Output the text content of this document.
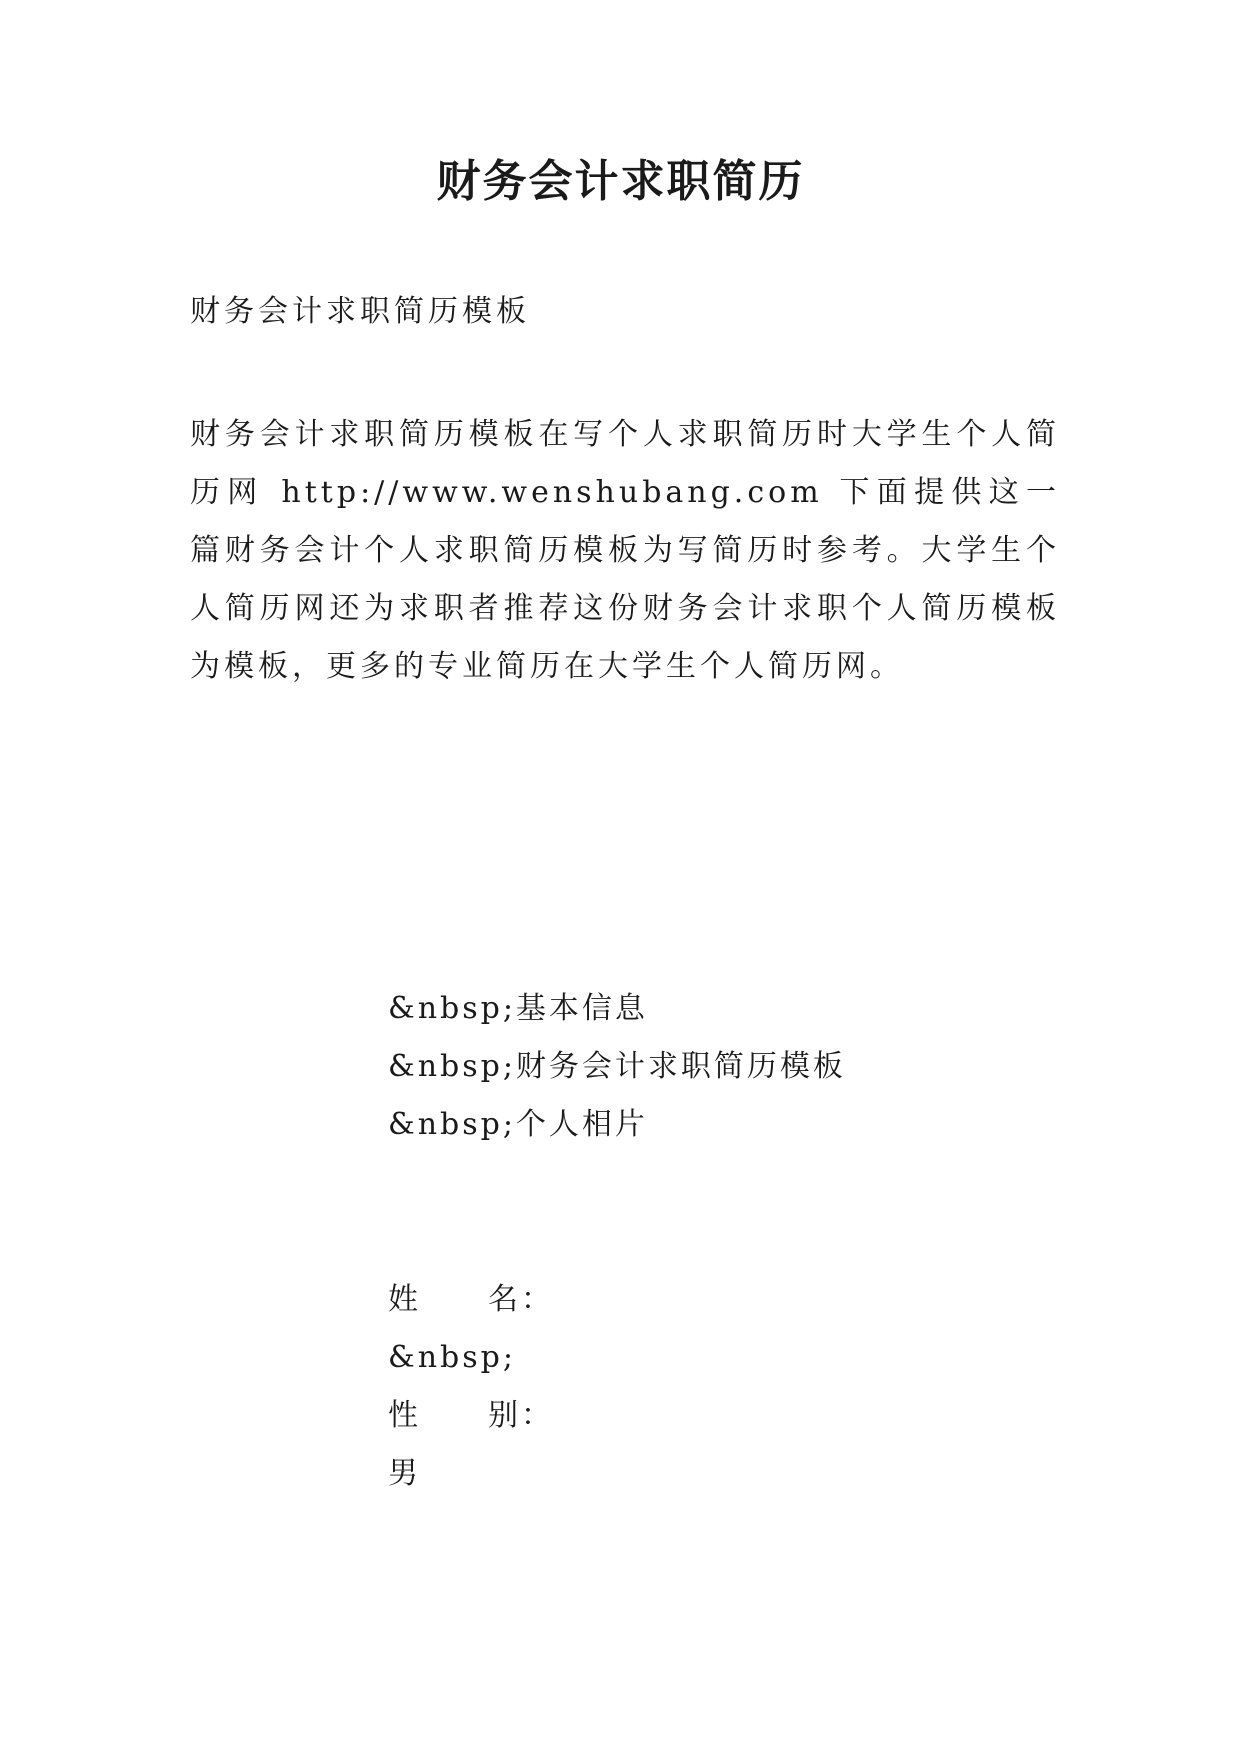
财务会计求职简历

财务会计求职简历模板

财务会计求职简历模板在写个人求职简历时大学生个人简历网 http://www.wenshubang.com 下面提供这一篇财务会计个人求职简历模板为写简历时参考。大学生个人简历网还为求职者推荐这份财务会计求职个人简历模板为模板，更多的专业简历在大学生个人简历网。

&nbsp;基本信息

&nbsp;财务会计求职简历模板

&nbsp;个人相片

姓 名：

&nbsp;

性 别：

男
